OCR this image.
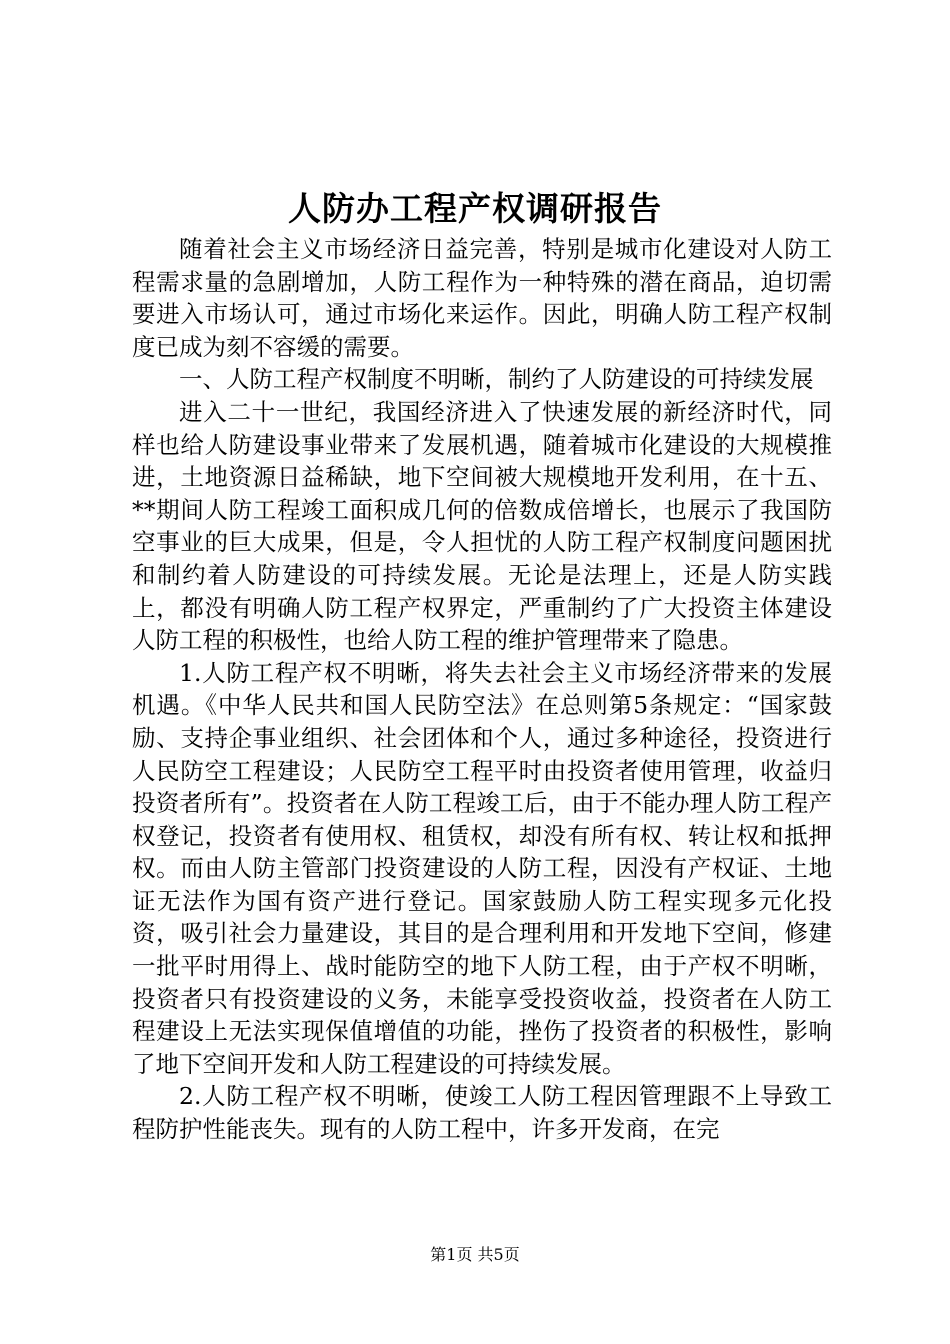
人防办工程产权调研报告

随着社会主义市场经济日益完善，特别是城市化建设对人防工程需求量的急剧增加，人防工程作为一种特殊的潜在商品，迫切需要进入市场认可，通过市场化来运作。因此，明确人防工程产权制度已成为刻不容缓的需要。

一、人防工程产权制度不明晰，制约了人防建设的可持续发展

进入二十一世纪，我国经济进入了快速发展的新经济时代，同样也给人防建设事业带来了发展机遇，随着城市化建设的大规模推进，土地资源日益稀缺，地下空间被大规模地开发利用，在十五、**期间人防工程竣工面积成几何的倍数成倍增长，也展示了我国防空事业的巨大成果，但是，令人担忧的人防工程产权制度问题困扰和制约着人防建设的可持续发展。无论是法理上，还是人防实践上，都没有明确人防工程产权界定，严重制约了广大投资主体建设人防工程的积极性，也给人防工程的维护管理带来了隐患。

1.人防工程产权不明晰，将失去社会主义市场经济带来的发展机遇。《中华人民共和国人民防空法》在总则第5条规定：“国家鼓励、支持企事业组织、社会团体和个人，通过多种途径，投资进行人民防空工程建设；人民防空工程平时由投资者使用管理，收益归投资者所有”。投资者在人防工程竣工后，由于不能办理人防工程产权登记，投资者有使用权、租赁权，却没有所有权、转让权和抵押权。而由人防主管部门投资建设的人防工程，因没有产权证、土地证无法作为国有资产进行登记。国家鼓励人防工程实现多元化投资，吸引社会力量建设，其目的是合理利用和开发地下空间，修建一批平时用得上、战时能防空的地下人防工程，由于产权不明晰，投资者只有投资建设的义务，未能享受投资收益，投资者在人防工程建设上无法实现保值增值的功能，挫伤了投资者的积极性，影响了地下空间开发和人防工程建设的可持续发展。

2.人防工程产权不明晰，使竣工人防工程因管理跟不上导致工程防护性能丧失。现有的人防工程中，许多开发商，在完

第1页 共5页
